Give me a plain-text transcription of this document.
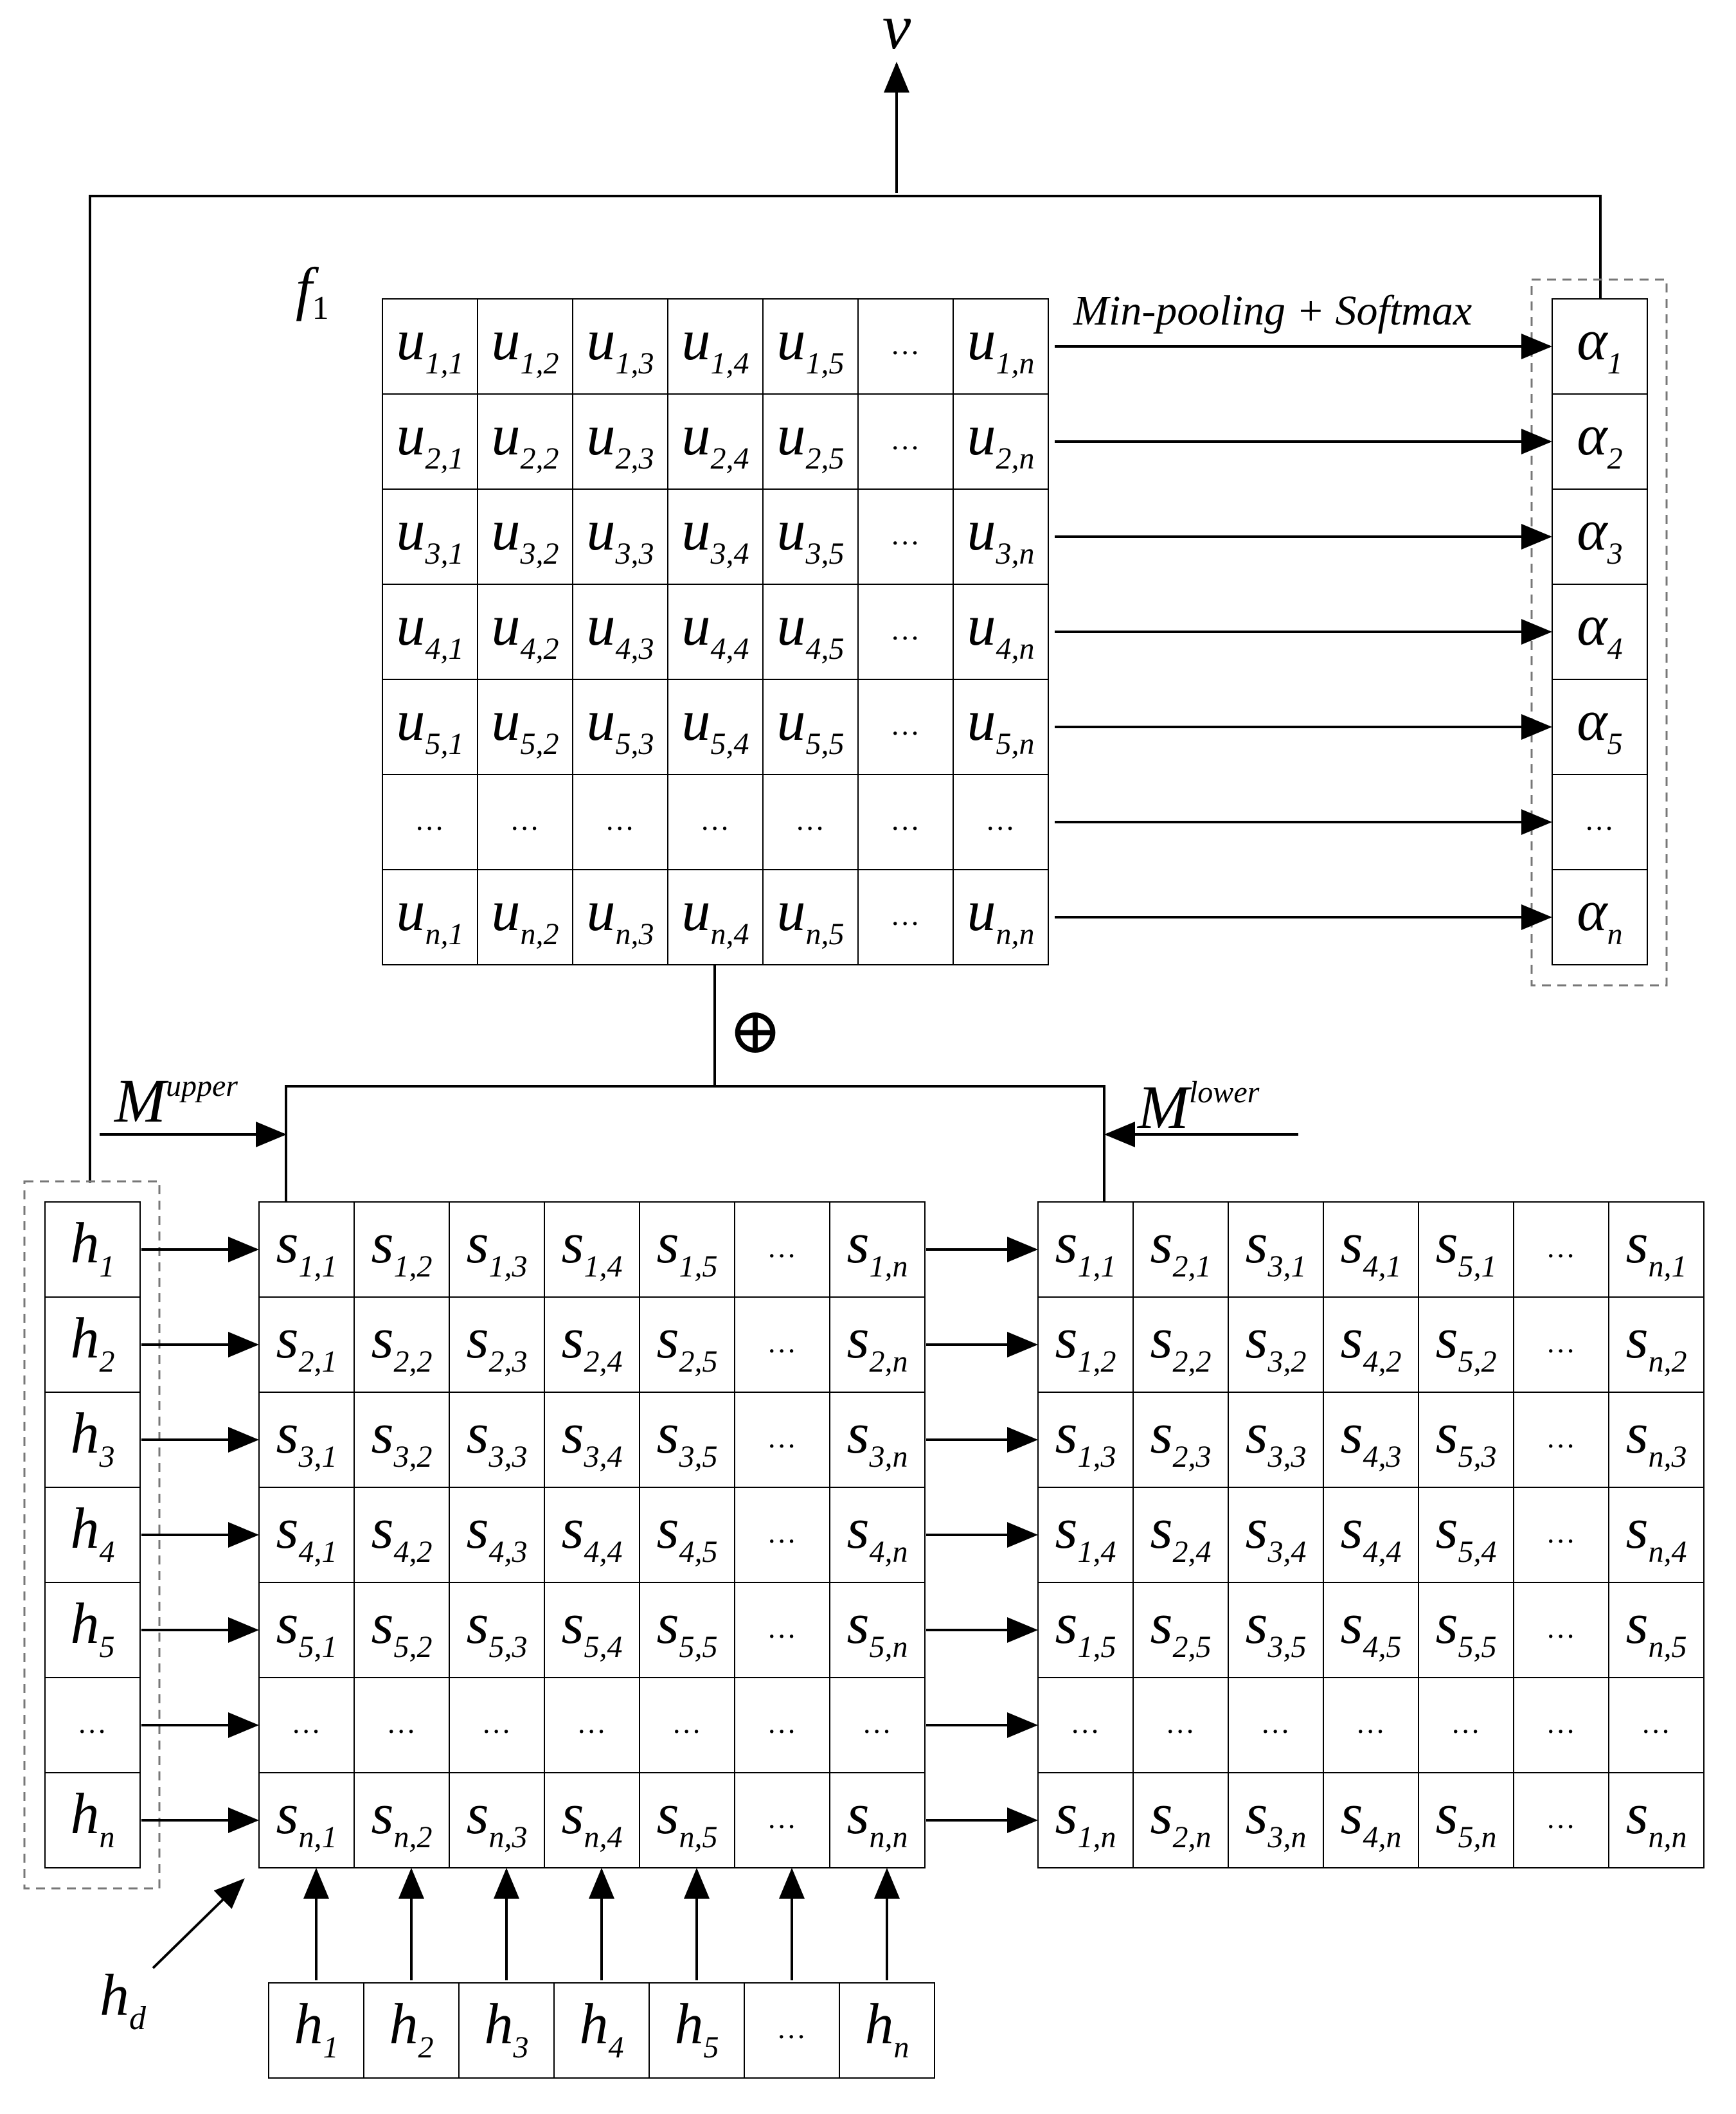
v
f1	Min-pooling + Softmax
⊕
$M^{upper}$	$M^{lower}$
$h_d$
$u_{1,1}$ $u_{1,2}$ $u_{1,3}$ $u_{1,4}$ $u_{1,5}$
… $u_{1,n}$
$u_{2,1}$ $u_{2,2}$ $u_{2,3}$ $u_{2,4}$ $u_{2,5}$
… $u_{2,n}$
$u_{3,1}$ $u_{3,2}$ $u_{3,3}$ $u_{3,4}$ $u_{3,5}$
… $u_{3,n}$
$u_{4,1}$ $u_{4,2}$ $u_{4,3}$ $u_{4,4}$ $u_{4,5}$
… $u_{4,n}$
$u_{5,1}$ $u_{5,2}$ $u_{5,3}$ $u_{5,4}$ $u_{5,5}$
… $u_{5,n}$
… … … … … … …
$u_{n,1}$ $u_{n,2}$ $u_{n,3}$ $u_{n,4}$ $u_{n,5}$
… $u_{n,n}$
$\alpha_1$
$\alpha_2$
$\alpha_3$
$\alpha_4$
$\alpha_5$
…
$\alpha_n$
$h_1$
$h_2$
$h_3$
$h_4$
$h_5$
…
$h_n$
$s_{1,1}$ $s_{1,2}$ $s_{1,3}$ $s_{1,4}$ $s_{1,5}$
… $s_{1,n}$
$s_{2,1}$ $s_{2,2}$ $s_{2,3}$ $s_{2,4}$ $s_{2,5}$
… $s_{2,n}$
$s_{3,1}$ $s_{3,2}$ $s_{3,3}$ $s_{3,4}$ $s_{3,5}$
… $s_{3,n}$
$s_{4,1}$ $s_{4,2}$ $s_{4,3}$ $s_{4,4}$ $s_{4,5}$
… $s_{4,n}$
$s_{5,1}$ $s_{5,2}$ $s_{5,3}$ $s_{5,4}$ $s_{5,5}$
… $s_{5,n}$
… … … … … … …
$s_{n,1}$ $s_{n,2}$ $s_{n,3}$ $s_{n,4}$ $s_{n,5}$
… $s_{n,n}$
$s_{1,1}$ $s_{2,1}$ $s_{3,1}$ $s_{4,1}$ $s_{5,1}$
… $s_{n,1}$
$s_{1,2}$ $s_{2,2}$ $s_{3,2}$ $s_{4,2}$ $s_{5,2}$
… $s_{n,2}$
$s_{1,3}$ $s_{2,3}$ $s_{3,3}$ $s_{4,3}$ $s_{5,3}$
… $s_{n,3}$
$s_{1,4}$ $s_{2,4}$ $s_{3,4}$ $s_{4,4}$ $s_{5,4}$
… $s_{n,4}$
$s_{1,5}$ $s_{2,5}$ $s_{3,5}$ $s_{4,5}$ $s_{5,5}$
… $s_{n,5}$
… … … … … … …
$s_{1,n}$ $s_{2,n}$ $s_{3,n}$ $s_{4,n}$ $s_{5,n}$
… $s_{n,n}$
$h_1$ $h_2$ $h_3$ $h_4$ $h_5$
… $h_n$
